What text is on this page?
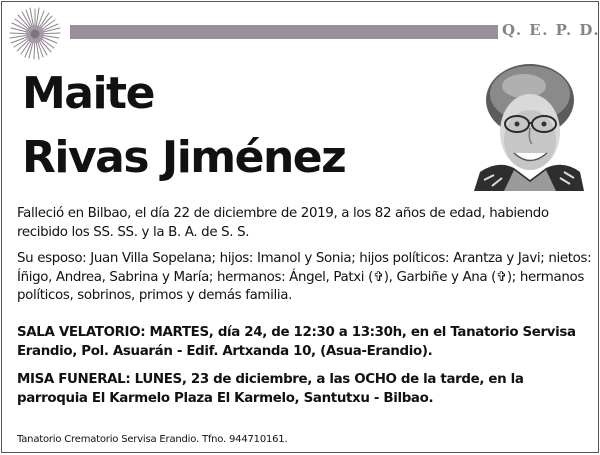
Q. E. P. D.
Maite
Rivas Jiménez

Falleció en Bilbao, el día 22 de diciembre de 2019, a los 82 años de edad, habiendo recibido los SS. SS. y la B. A. de S. S.

Su esposo: Juan Villa Sopelana; hijos: Imanol y Sonia; hijos políticos: Arantza y Javi; nietos: Íñigo, Andrea, Sabrina y María; hermanos: Ángel, Patxi (✞), Garbiñe y Ana (✞); hermanos políticos, sobrinos, primos y demás familia.

SALA VELATORIO: MARTES, día 24, de 12:30 a 13:30h, en el Tanatorio Servisa Erandio, Pol. Asuarán - Edif. Artxanda 10, (Asua-Erandio).

MISA FUNERAL: LUNES, 23 de diciembre, a las OCHO de la tarde, en la parroquia El Karmelo Plaza El Karmelo, Santutxu - Bilbao.

Tanatorio Crematorio Servisa Erandio. Tfno. 944710161.
